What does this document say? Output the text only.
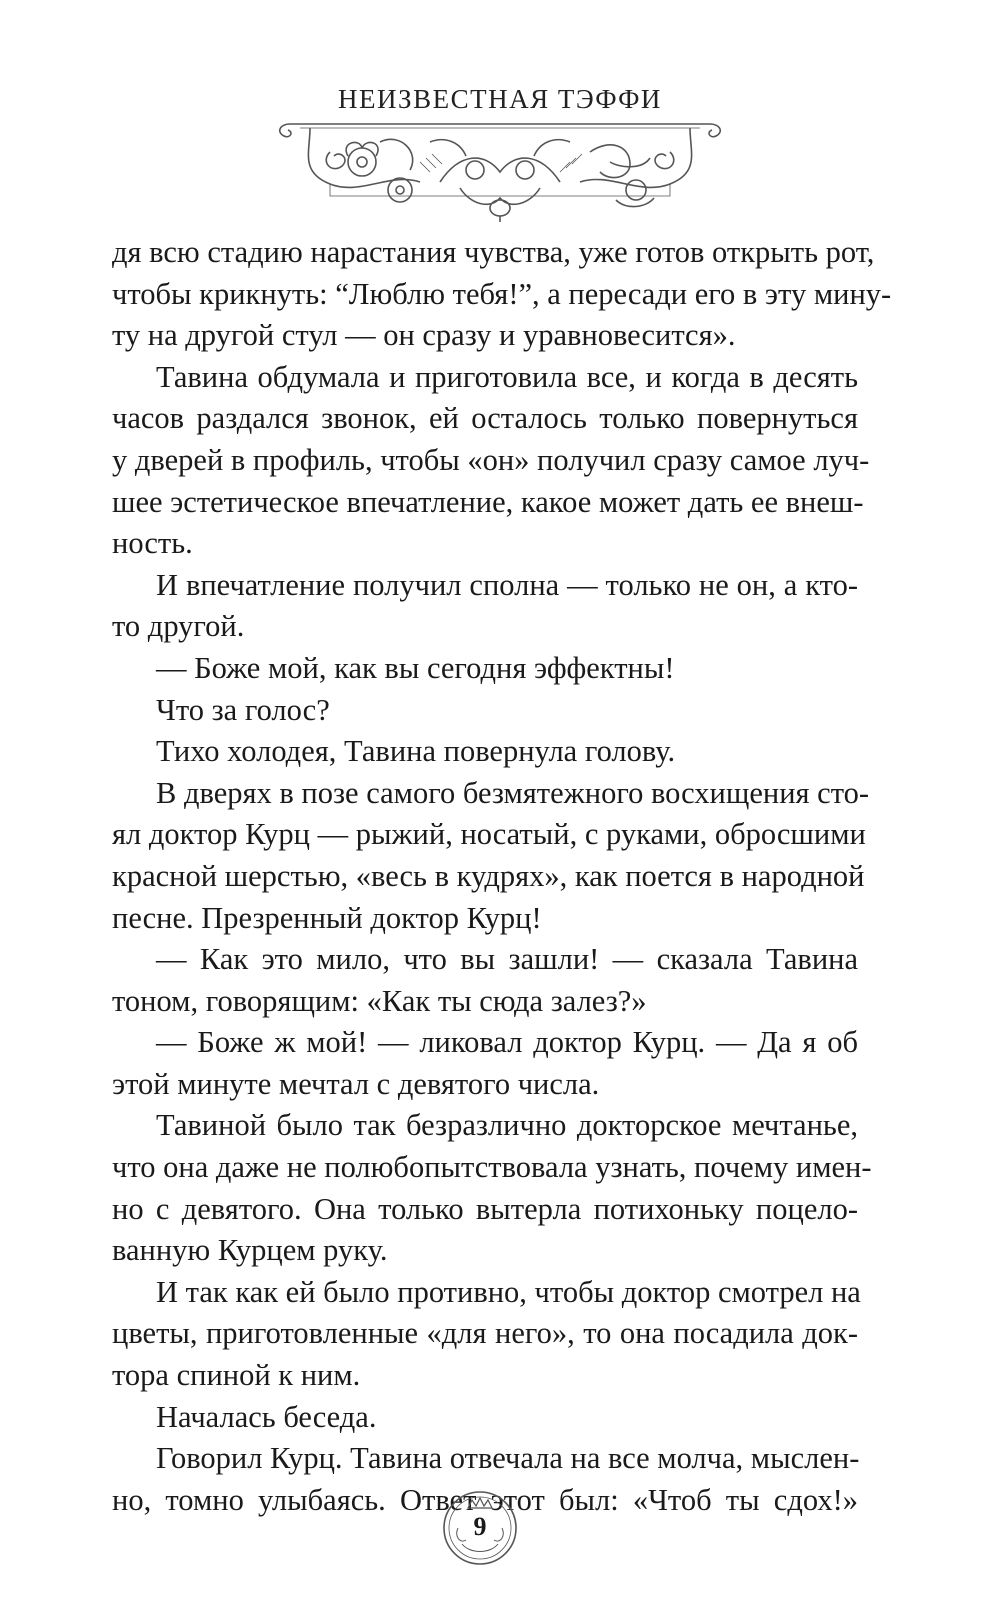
НЕИЗВЕСТНАЯ ТЭФФИ
дя всю стадию нарастания чувства, уже готов открыть рот,
чтобы крикнуть: “Люблю тебя!”, а пересади его в эту мину-
ту на другой стул — он сразу и уравновесится».
Тавина обдумала и приготовила все, и когда в десять
часов раздался звонок, ей осталось только повернуться
у дверей в профиль, чтобы «он» получил сразу самое луч-
шее эстетическое впечатление, какое может дать ее внеш-
ность.
И впечатление получил сполна — только не он, а кто-
то другой.
— Боже мой, как вы сегодня эффектны!
Что за голос?
Тихо холодея, Тавина повернула голову.
В дверях в позе самого безмятежного восхищения сто-
ял доктор Курц — рыжий, носатый, с руками, обросшими
красной шерстью, «весь в кудрях», как поется в народной
песне. Презренный доктор Курц!
— Как это мило, что вы зашли! — сказала Тавина
тоном, говорящим: «Как ты сюда залез?»
— Боже ж мой! — ликовал доктор Курц. — Да я об
этой минуте мечтал с девятого числа.
Тавиной было так безразлично докторское мечтанье,
что она даже не полюбопытствовала узнать, почему имен-
но с девятого. Она только вытерла потихоньку поцело-
ванную Курцем руку.
И так как ей было противно, чтобы доктор смотрел на
цветы, приготовленные «для него», то она посадила док-
тора спиной к ним.
Началась беседа.
Говорил Курц. Тавина отвечала на все молча, мыслен-
но, томно улыбаясь. Ответ этот был: «Чтоб ты сдох!»
9
